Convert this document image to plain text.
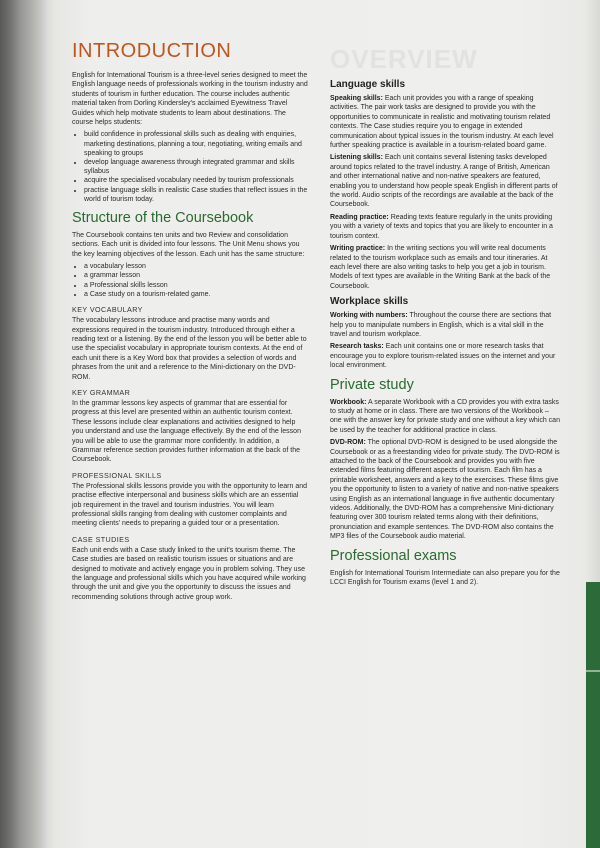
OVERVIEW
INTRODUCTION

English for International Tourism is a three-level series designed to meet the English language needs of professionals working in the tourism industry and students of tourism in further education. The course includes authentic material taken from Dorling Kindersley's acclaimed Eyewitness Travel Guides which help motivate students to learn about destinations. The course helps students:

• build confidence in professional skills such as dealing with enquiries, marketing destinations, planning a tour, negotiating, writing emails and speaking to groups
• develop language awareness through integrated grammar and skills syllabus
• acquire the specialised vocabulary needed by tourism professionals
• practise language skills in realistic Case studies that reflect issues in the world of tourism today.
Structure of the Coursebook

The Coursebook contains ten units and two Review and consolidation sections. Each unit is divided into four lessons. The Unit Menu shows you the key learning objectives of the lesson. Each unit has the same structure:

• a vocabulary lesson
• a grammar lesson
• a Professional skills lesson
• a Case study on a tourism-related game.
KEY VOCABULARY

The vocabulary lessons introduce and practise many words and expressions required in the tourism industry. Introduced through either a reading text or a listening. By the end of the lesson you will be better able to use the specialist vocabulary in appropriate tourism contexts. At the end of each unit there is a Key Word box that provides a selection of words and phrases from the unit and a reference to the Mini-dictionary on the DVD-ROM.

KEY GRAMMAR

In the grammar lessons key aspects of grammar that are essential for progress at this level are presented within an authentic tourism context. These lessons include clear explanations and activities designed to help you understand and use the language effectively. By the end of the lesson you will be able to use the grammar more confidently. In addition, a Grammar reference section provides further information at the back of the Coursebook.

PROFESSIONAL SKILLS

The Professional skills lessons provide you with the opportunity to learn and practise effective interpersonal and business skills which are an essential job requirement in the travel and tourism industries. You will learn professional skills ranging from dealing with customer complaints and meeting clients' needs to preparing a guided tour or a presentation.

CASE STUDIES

Each unit ends with a Case study linked to the unit's tourism theme. The Case studies are based on realistic tourism issues or situations and are designed to motivate and actively engage you in problem solving. They use the language and professional skills which you have acquired while working through the unit and give you the opportunity to discuss the issues and recommending solutions through active group work.

Language skills

Speaking skills: Each unit provides you with a range of speaking activities. The pair work tasks are designed to provide you with the opportunities to communicate in realistic and motivating tourism related contexts. The Case studies require you to engage in extended communication about typical issues in the tourism industry. At each level further speaking practice is available in a tourism-related board game.

Listening skills: Each unit contains several listening tasks developed around topics related to the travel industry. A range of British, American and other international native and non-native speakers are featured, enabling you to understand how people speak English in different parts of the world. Audio scripts of the recordings are available at the back of the Coursebook.

Reading practice: Reading texts feature regularly in the units providing you with a variety of texts and topics that you are likely to encounter in a tourism context.

Writing practice: In the writing sections you will write real documents related to the tourism workplace such as emails and tour itineraries. At each level there are also writing tasks to help you get a job in tourism. Models of text types are available in the Writing Bank at the back of the Coursebook.

Workplace skills

Working with numbers: Throughout the course there are sections that help you to manipulate numbers in English, which is a vital skill in the travel and tourism workplace.

Research tasks: Each unit contains one or more research tasks that encourage you to explore tourism-related issues on the internet and your local environment.

Private study

Workbook: A separate Workbook with a CD provides you with extra tasks to study at home or in class. There are two versions of the Workbook – one with the answer key for private study and one without a key which can be used by the teacher for additional practice in class.

DVD-ROM: The optional DVD-ROM is designed to be used alongside the Coursebook or as a freestanding video for private study. The DVD-ROM is attached to the back of the Coursebook and provides you with five extended films featuring different aspects of tourism. Each film has a printable worksheet, answers and a key to the exercises. These films give you the opportunity to listen to a variety of native and non-native speakers using English as an international language in five authentic documentary videos. Additionally, the DVD-ROM has a comprehensive Mini-dictionary featuring over 300 tourism related terms along with their definitions, pronunciation and example sentences. The DVD-ROM also contains the MP3 files of the Coursebook audio material.

Professional exams

English for International Tourism Intermediate can also prepare you for the LCCI English for Tourism exams (level 1 and 2).
